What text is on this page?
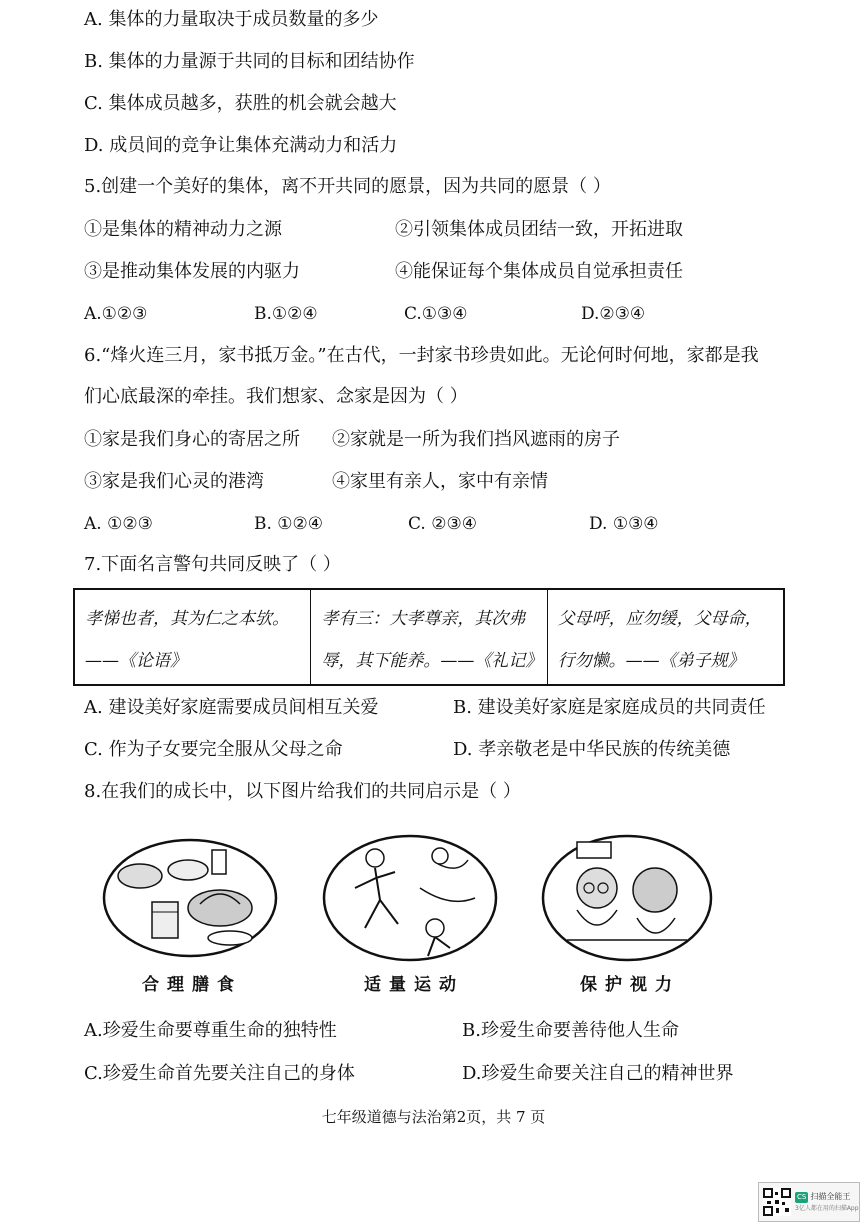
A. 集体的力量取决于成员数量的多少
B. 集体的力量源于共同的目标和团结协作
C. 集体成员越多，获胜的机会就会越大
D. 成员间的竞争让集体充满动力和活力
5.创建一个美好的集体，离不开共同的愿景，因为共同的愿景（ ）
①是集体的精神动力之源	②引领集体成员团结一致，开拓进取
③是推动集体发展的内驱力	④能保证每个集体成员自觉承担责任
A.①②③	B.①②④	C.①③④	D.②③④
6.“烽火连三月，家书抵万金。”在古代，一封家书珍贵如此。无论何时何地，家都是我
们心底最深的牵挂。我们想家、念家是因为（ ）
①家是我们身心的寄居之所 ②家就是一所为我们挡风遮雨的房子
③家是我们心灵的港湾	④家里有亲人，家中有亲情
A. ①②③	B. ①②④	C. ②③④	D. ①③④
7.下面名言警句共同反映了（ ）
孝悌也者，其为仁之本欤。——《论语》
孝有三：大孝尊亲，其次弗辱，其下能养。——《礼记》
父母呼，应勿缓，父母命，行勿懒。——《弟子规》
A. 建设美好家庭需要成员间相互关爱	B. 建设美好家庭是家庭成员的共同责任
C. 作为子女要完全服从父母之命	D. 孝亲敬老是中华民族的传统美德
8.在我们的成长中，以下图片给我们的共同启示是（ ）
合理膳食	适量运动	保护视力
A.珍爱生命要尊重生命的独特性	B.珍爱生命要善待他人生命
C.珍爱生命首先要关注自己的身体	D.珍爱生命要关注自己的精神世界
七年级道德与法治第2页，共 7 页
CS 扫描全能王
3亿人都在用的扫描App
